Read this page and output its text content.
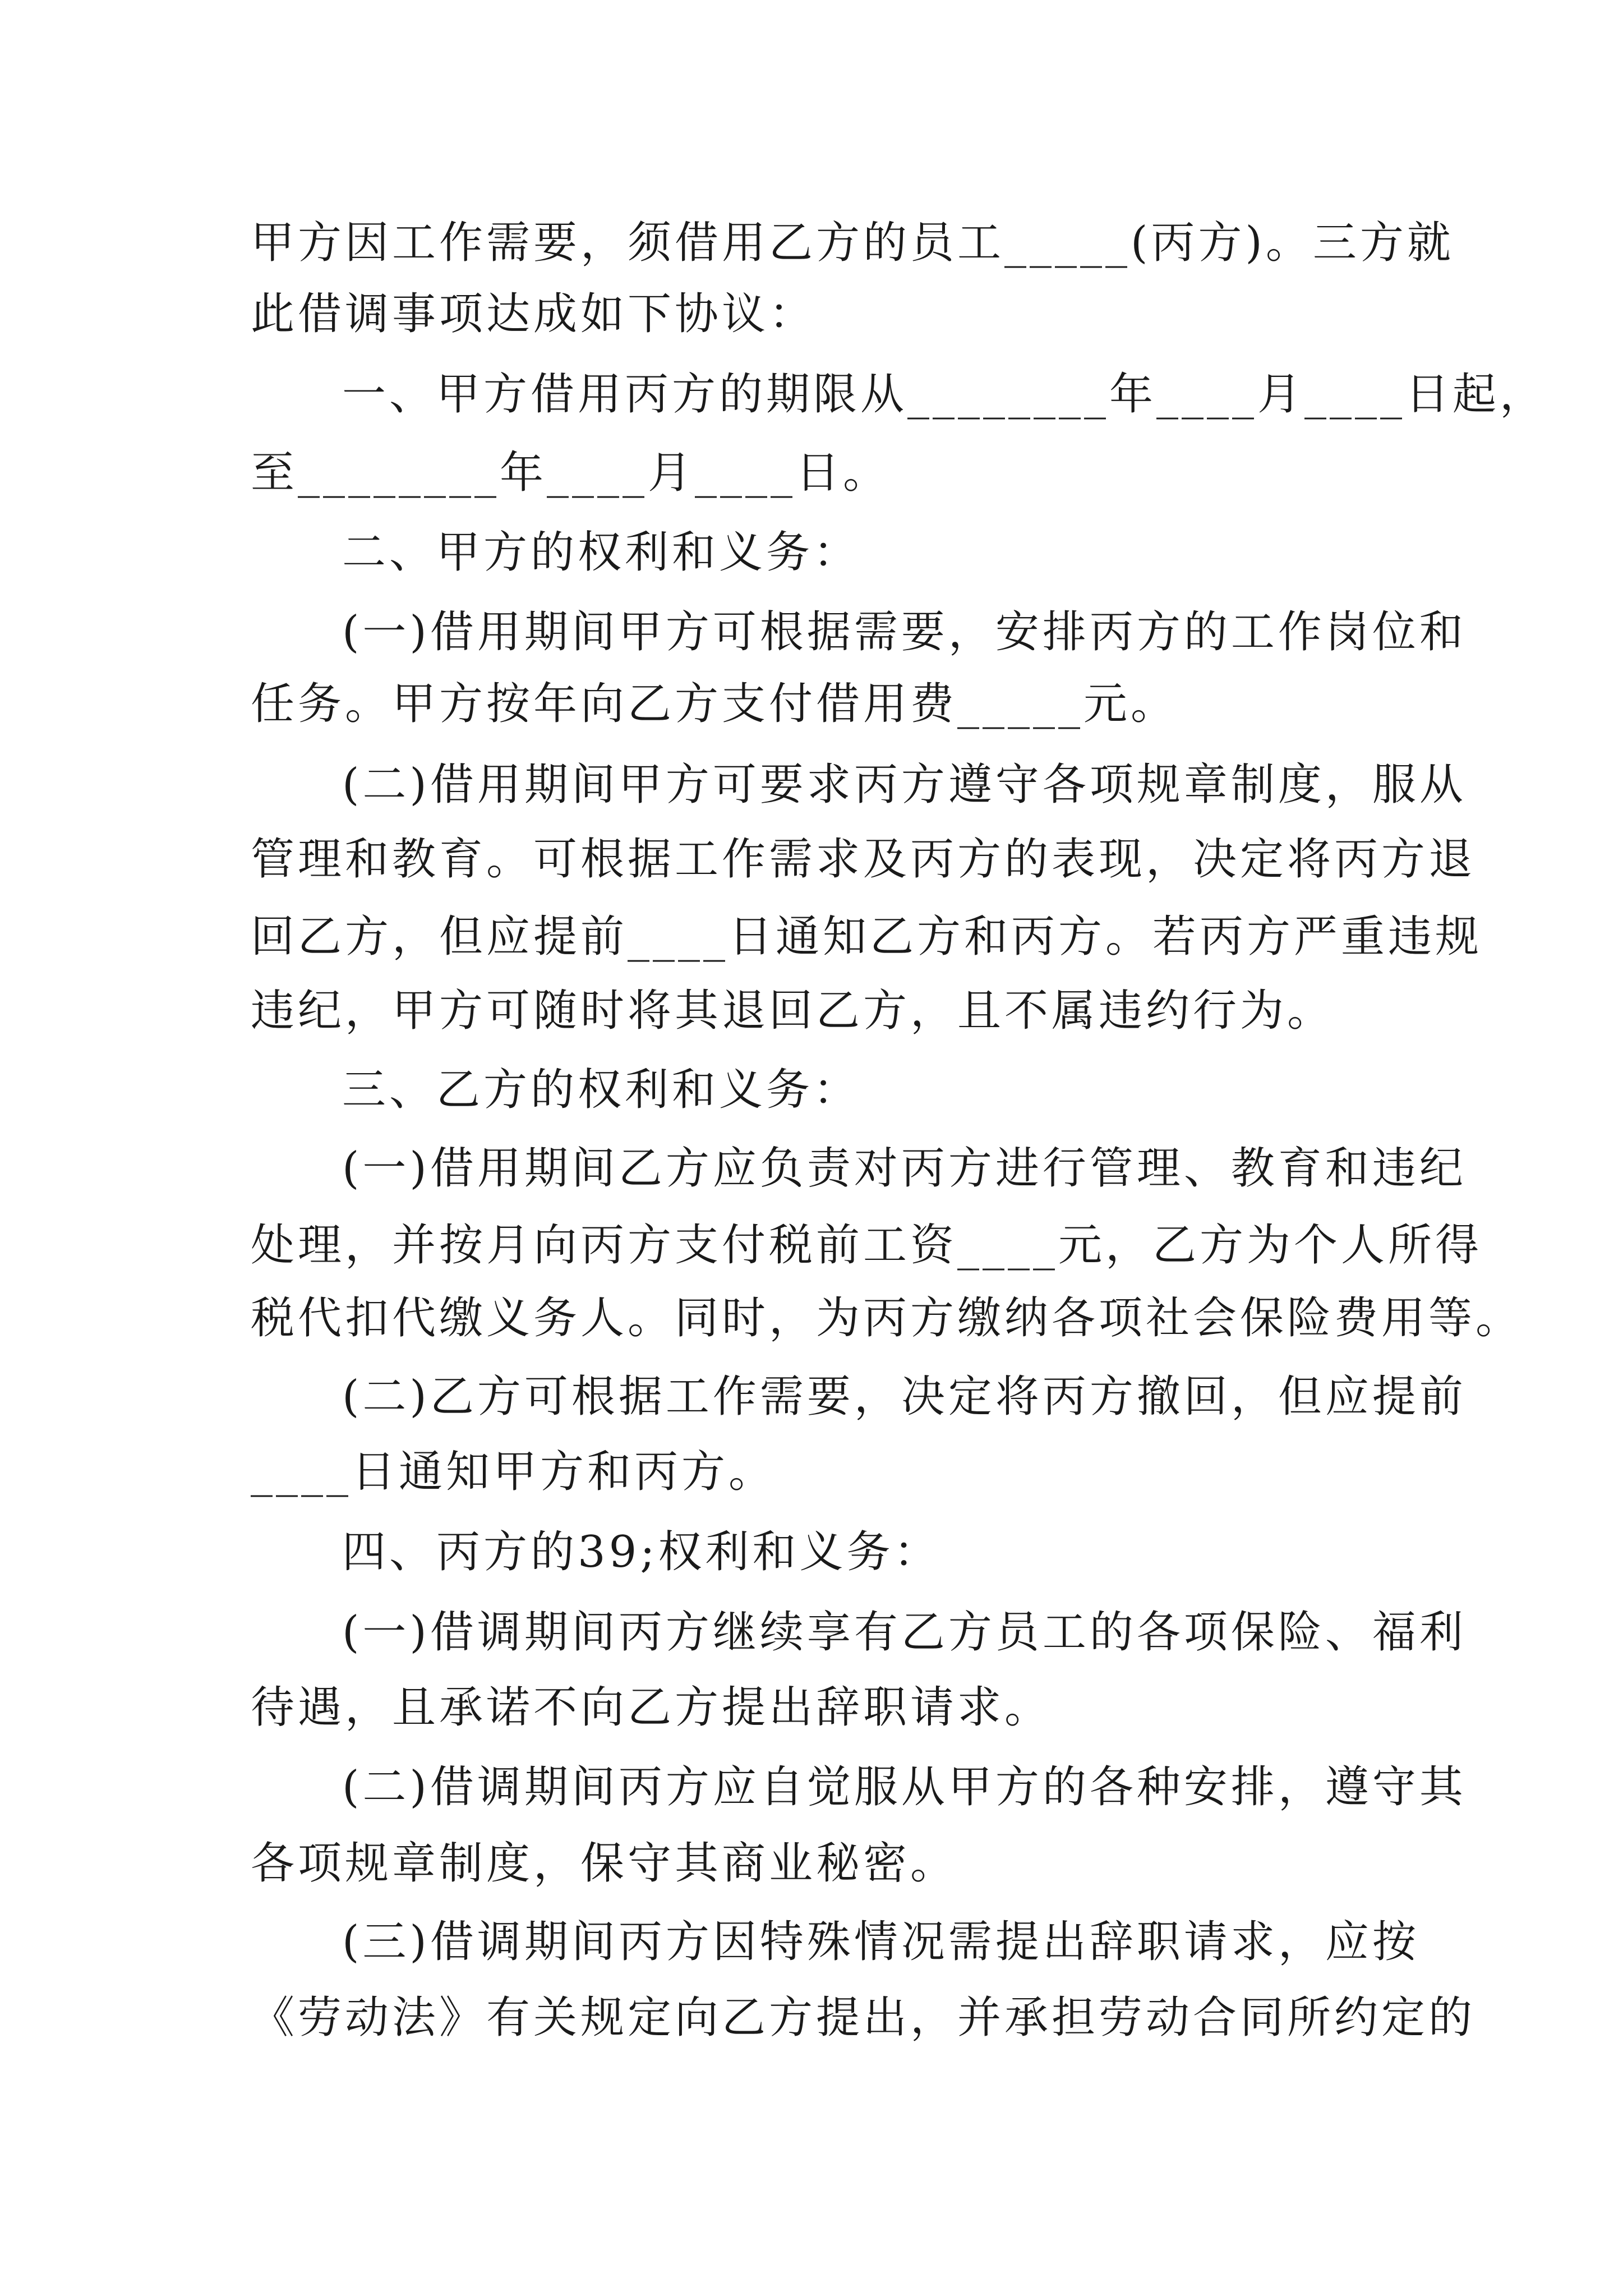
甲方因工作需要，须借用乙方的员工_____(丙方)。三方就
此借调事项达成如下协议：
一、甲方借用丙方的期限从________年____月____日起，
至________年____月____日。
二、甲方的权利和义务：
(一)借用期间甲方可根据需要，安排丙方的工作岗位和
任务。甲方按年向乙方支付借用费_____元。
(二)借用期间甲方可要求丙方遵守各项规章制度，服从
管理和教育。可根据工作需求及丙方的表现，决定将丙方退
回乙方，但应提前____日通知乙方和丙方。若丙方严重违规
违纪，甲方可随时将其退回乙方，且不属违约行为。
三、乙方的权利和义务：
(一)借用期间乙方应负责对丙方进行管理、教育和违纪
处理，并按月向丙方支付税前工资____元，乙方为个人所得
税代扣代缴义务人。同时，为丙方缴纳各项社会保险费用等。
(二)乙方可根据工作需要，决定将丙方撤回，但应提前
____日通知甲方和丙方。
四、丙方的39;权利和义务：
(一)借调期间丙方继续享有乙方员工的各项保险、福利
待遇，且承诺不向乙方提出辞职请求。
(二)借调期间丙方应自觉服从甲方的各种安排，遵守其
各项规章制度，保守其商业秘密。
(三)借调期间丙方因特殊情况需提出辞职请求，应按
《劳动法》有关规定向乙方提出，并承担劳动合同所约定的
